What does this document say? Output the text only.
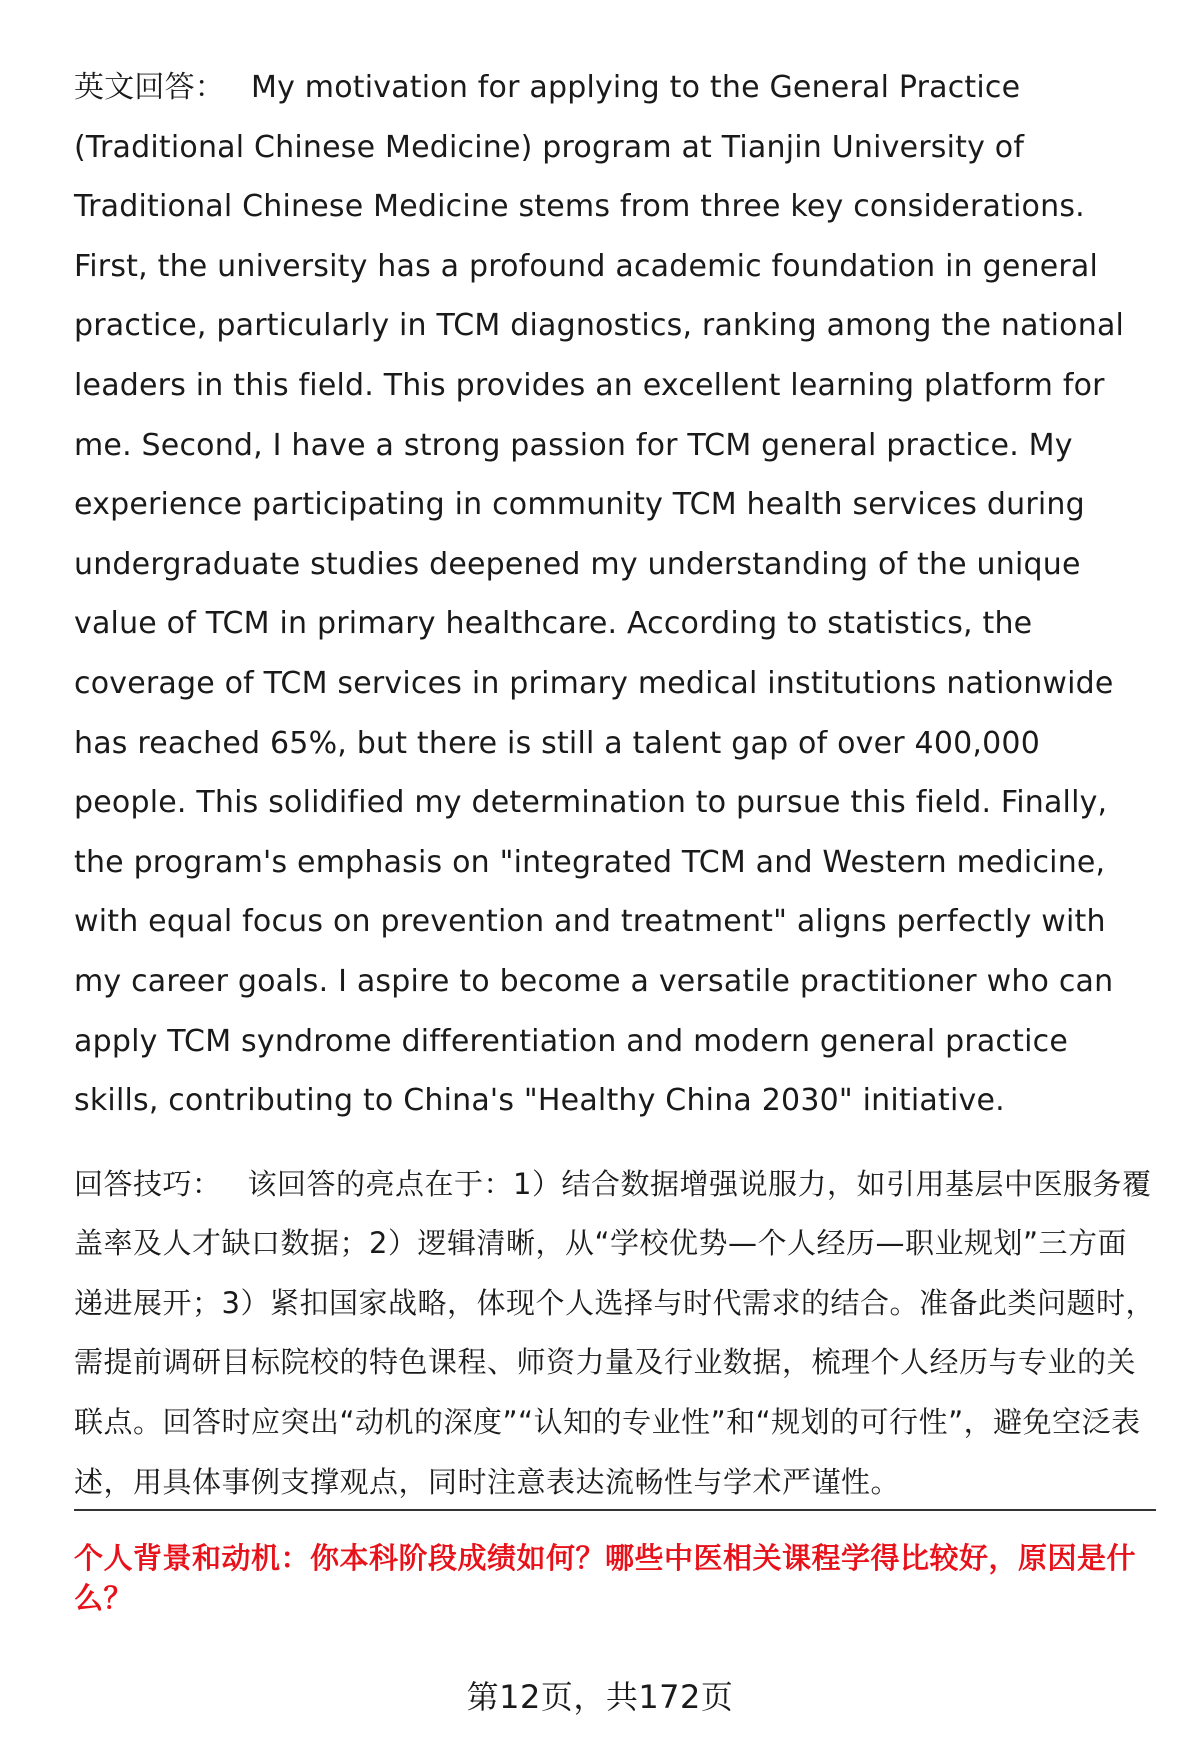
英文回答： My motivation for applying to the General Practice (Traditional Chinese Medicine) program at Tianjin University of Traditional Chinese Medicine stems from three key considerations. First, the university has a profound academic foundation in general practice, particularly in TCM diagnostics, ranking among the national leaders in this field. This provides an excellent learning platform for me. Second, I have a strong passion for TCM general practice. My experience participating in community TCM health services during undergraduate studies deepened my understanding of the unique value of TCM in primary healthcare. According to statistics, the coverage of TCM services in primary medical institutions nationwide has reached 65%, but there is still a talent gap of over 400,000 people. This solidified my determination to pursue this field. Finally, the program's emphasis on "integrated TCM and Western medicine, with equal focus on prevention and treatment" aligns perfectly with my career goals. I aspire to become a versatile practitioner who can apply TCM syndrome differentiation and modern general practice skills, contributing to China's "Healthy China 2030" initiative.

回答技巧： 该回答的亮点在于：1）结合数据增强说服力，如引用基层中医服务覆盖率及人才缺口数据；2）逻辑清晰，从“学校优势—个人经历—职业规划”三方面递进展开；3）紧扣国家战略，体现个人选择与时代需求的结合。准备此类问题时，需提前调研目标院校的特色课程、师资力量及行业数据，梳理个人经历与专业的关联点。回答时应突出“动机的深度”“认知的专业性”和“规划的可行性”，避免空泛表述，用具体事例支撑观点，同时注意表达流畅性与学术严谨性。

个人背景和动机：你本科阶段成绩如何？哪些中医相关课程学得比较好，原因是什么？

第12页，共172页
